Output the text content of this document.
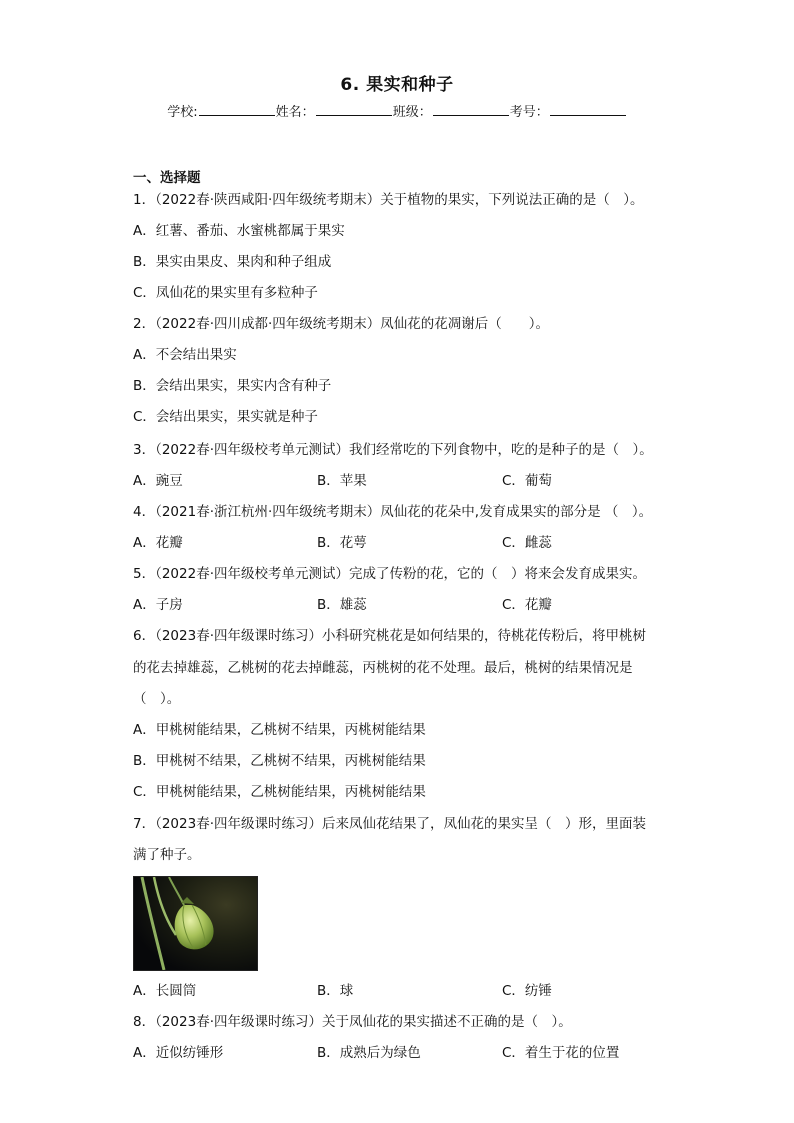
6. 果实和种子
学校:	姓名：	班级：	考号：
一、选择题
1．（2022春·陕西咸阳·四年级统考期末）关于植物的果实，下列说法正确的是（　）。
A．红薯、番茄、水蜜桃都属于果实
B．果实由果皮、果肉和种子组成
C．凤仙花的果实里有多粒种子
2．（2022春·四川成都·四年级统考期末）凤仙花的花凋谢后（　　）。
A．不会结出果实
B．会结出果实，果实内含有种子
C．会结出果实，果实就是种子
3．（2022春·四年级校考单元测试）我们经常吃的下列食物中，吃的是种子的是（　）。
A．豌豆	B．苹果	C．葡萄
4．（2021春·浙江杭州·四年级统考期末）凤仙花的花朵中,发育成果实的部分是 （　）。
A．花瓣	B．花萼	C．雌蕊
5．（2022春·四年级校考单元测试）完成了传粉的花，它的（　）将来会发育成果实。
A．子房	B．雄蕊	C．花瓣
6．（2023春·四年级课时练习）小科研究桃花是如何结果的，待桃花传粉后，将甲桃树
的花去掉雄蕊，乙桃树的花去掉雌蕊，丙桃树的花不处理。最后，桃树的结果情况是
（　）。
A．甲桃树能结果，乙桃树不结果，丙桃树能结果
B．甲桃树不结果，乙桃树不结果，丙桃树能结果
C．甲桃树能结果，乙桃树能结果，丙桃树能结果
7．（2023春·四年级课时练习）后来凤仙花结果了，凤仙花的果实呈（　）形，里面装
满了种子。
A．长圆筒	B．球	C．纺锤
8．（2023春·四年级课时练习）关于凤仙花的果实描述不正确的是（　）。
A．近似纺锤形	B．成熟后为绿色	C．着生于花的位置
